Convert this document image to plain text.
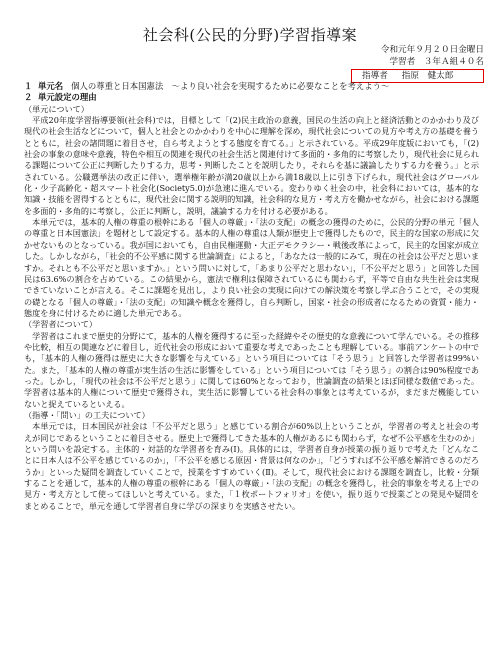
社会科(公民的分野)学習指導案
令和元年９月２０日金曜日
学習者　３年Ａ組４０名
指導者 指原　健太郎
１ 単元名 個人の尊重と日本国憲法　～より良い社会を実現するために必要なことを考えよう～
２ 単元設定の理由
（単元について）

平成20年度学習指導要領(社会科)では，目標として「(2)民主政治の意義，国民の生活の向上と経済活動とのかかわり及び現代の社会生活などについて，個人と社会とのかかわりを中心に理解を深め，現代社会についての見方や考え方の基礎を養うとともに，社会の諸問題に着目させ，自ら考えようとする態度を育てる。」と示されている。平成29年度版においても，「(2)社会の事象の意味や意義，特色や相互の関連を現代の社会生活と関連付けて多面的・多角的に考察したり，現代社会に見られる課題について公正に判断したりする力，思考・判断したことを説明したり，それらを基に議論したりする力を養う。」と示されている。公職選挙法の改正に伴い，選挙権年齢が満20歳以上から満18歳以上に引き下げられ，現代社会はグローバル化・少子高齢化・超スマート社会化(Society5.0)が急速に進んでいる。変わりゆく社会の中，社会科においては，基本的な知識・技能を習得するとともに，現代社会に関する説明的知識，社会科的な見方・考え方を働かせながら，社会における課題を多面的・多角的に考察し，公正に判断し，説明，議論する力を付ける必要がある。

本単元では，基本的人権の尊重の根幹にある「個人の尊厳」・「法の支配」の概念の獲得のために，公民的分野の単元「個人の尊重と日本国憲法」を題材として設定する。基本的人権の尊重は人類が歴史上で獲得したもので，民主的な国家の形成に欠かせないものとなっている。我が国においても，自由民権運動・大正デモクラシー・戦後改革によって，民主的な国家が成立した。しかしながら，「社会的不公平感に関する世論調査」によると，「あなたは一般的にみて，現在の社会は公平だと思いますか。それとも不公平だと思いますか。」という問いに対して，「あまり公平だと思わない」，「不公平だと思う」と回答した国民は63.6%の割合を占めている。この結果から，憲法で権利は保障されているにも関わらず，平等で自由な共生社会は実現できていないことが言える。そこに課題を見出し，より良い社会の実現に向けての解決策を考察し学ぶ合うことで，その実現の礎となる「個人の尊厳」・「法の支配」の知識や概念を獲得し，自ら判断し，国家・社会の形成者になるための資質・能力・態度を身に付けるために適した単元である。

（学習者について）

学習者はこれまで歴史的分野にて，基本的人権を獲得するに至った経緯やその歴史的な意義について学んでいる。その推移や比較，相互の関連などに着目し，近代社会の形成において重要な考えであったことも理解している。事前アンケートの中でも，「基本的人権の獲得は歴史に大きな影響を与えている」という項目については「そう思う」と回答した学習者は99%いた。また，「基本的人権の尊重が実生活の生活に影響をしている」という項目については「そう思う」の割合は90%程度であった。しかし，「現代の社会は不公平だと思う」に関しては60%となっており，世論調査の結果とほぼ同様な数値であった。学習者は基本的人権について歴史で獲得され，実生活に影響している社会科の事象とは考えているが，まだまだ機能していないと捉えているといえる。

（指導・「問い」の工夫について）

本単元では，日本国民が社会は「不公平だと思う」と感じている割合が60%以上ということが，学習者の考えと社会の考えが同じであるということに着目させる。歴史上で獲得してきた基本的人権があるにも関わらず，なぜ不公平感を生むのか」という問いを設定する。主体的・対話的な学習者を育み(Ⅰ)。具体的には，学習者自身が授業の振り返りで考えた「どんなことに日本人は不公平を感じているのか」，「不公平を感じる原因・背景は何なのか」，「どうすれば不公平感を解消できるのだろうか」といった疑問を調査していくことで，授業をすすめていく(Ⅱ)。そして，現代社会における課題を調査し，比較・分類することを通して，基本的人権の尊重の根幹にある「個人の尊厳」・「法の支配」の概念を獲得し，社会的事象を考える上での見方・考え方として使ってほしいと考えている。また，「１枚ポートフォリオ」を使い，振り返りで授業ごとの発見や疑問をまとめることで，単元を通して学習者自身に学びの深まりを実感させたい。
